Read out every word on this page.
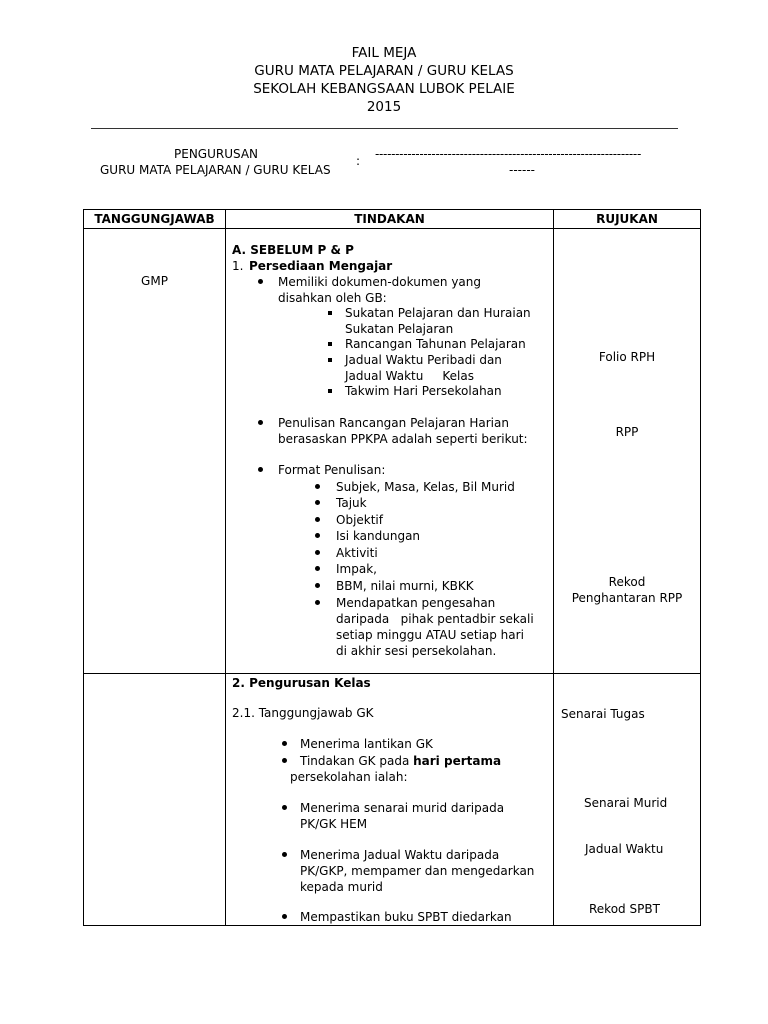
FAIL MEJA
GURU MATA PELAJARAN / GURU KELAS
SEKOLAH KEBANGSAAN LUBOK PELAIE
2015
PENGURUSAN
GURU MATA PELAJARAN / GURU KELAS
: ------------------------------------------------------------------
------
TANGGUNGJAWAB	TINDAKAN	RUJUKAN
GMP
A. SEBELUM P & P
1. Persediaan Mengajar
Memiliki dokumen-dokumen yang
disahkan oleh GB:
Sukatan Pelajaran dan Huraian
Sukatan Pelajaran
Rancangan Tahunan Pelajaran
Jadual Waktu Peribadi dan
Jadual Waktu     Kelas
Takwim Hari Persekolahan
Penulisan Rancangan Pelajaran Harian
berasaskan PPKPA adalah seperti berikut:
Format Penulisan:
Subjek, Masa, Kelas, Bil Murid
Tajuk
Objektif
Isi kandungan
Aktiviti
Impak,
BBM, nilai murni, KBKK
Mendapatkan pengesahan
daripada   pihak pentadbir sekali
setiap minggu ATAU setiap hari
di akhir sesi persekolahan.
Folio RPH
RPP
Rekod
Penghantaran RPP
2. Pengurusan Kelas
2.1. Tanggungjawab GK
Menerima lantikan GK
Tindakan GK pada hari pertama
persekolahan ialah:
Menerima senarai murid daripada
PK/GK HEM
Menerima Jadual Waktu daripada
PK/GKP, mempamer dan mengedarkan
kepada murid
Mempastikan buku SPBT diedarkan
Senarai Tugas
Senarai Murid
Jadual Waktu
Rekod SPBT
